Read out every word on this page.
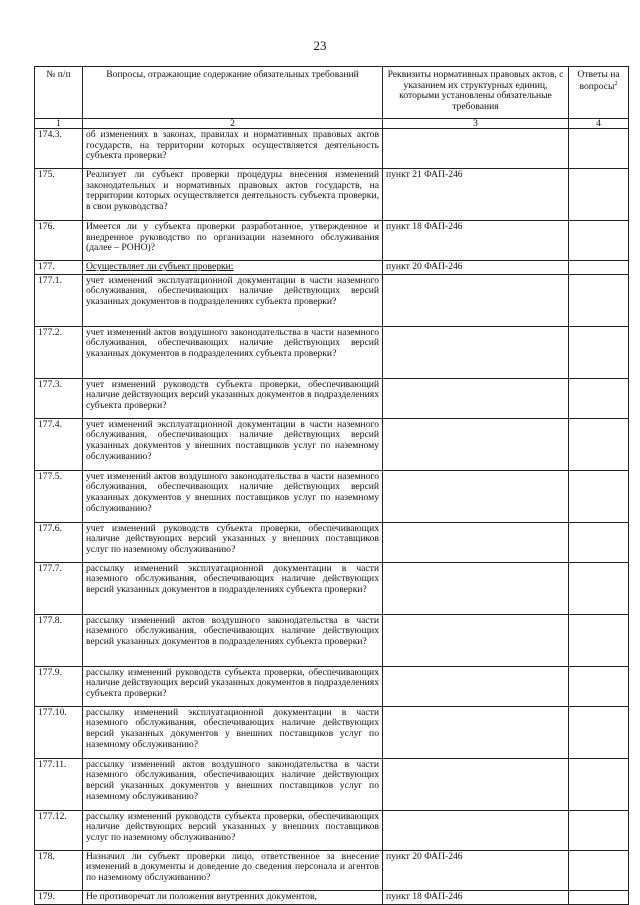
23
№ п/п	Вопросы, отражающие содержание обязательных требований	Реквизиты нормативных правовых актов, с указанием их структурных единиц, которыми установлены обязательные требования	Ответы на вопросы$^2$
1	2	3	4
174.3.	об изменениях в законах, правилах и нормативных правовых актов государств, на территории которых осуществляется деятельность субъекта проверки?		
175.	Реализует ли субъект проверки процедуры внесения изменений законодательных и нормативных правовых актов государств, на территории которых осуществляется деятельность субъекта проверки, в свои руководства?	пункт 21 ФАП-246	
176.	Имеется ли у субъекта проверки разработанное, утвержденное и внедренное руководство по организации наземного обслуживания (далее – РОНО)?	пункт 18 ФАП-246	
177.	Осуществляет ли субъект проверки:	пункт 20 ФАП-246	
177.1.	учет изменений эксплуатационной документации в части наземного обслуживания, обеспечивающих наличие действующих версий указанных документов в подразделениях субъекта проверки?		
177.2.	учет изменений актов воздушного законодательства в части наземного обслуживания, обеспечивающих наличие действующих версий указанных документов в подразделениях субъекта проверки?		
177.3.	учет изменений руководств субъекта проверки, обеспечивающий наличие действующих версий указанных документов в подразделениях субъекта проверки?		
177.4.	учет изменений эксплуатационной документации в части наземного обслуживания, обеспечивающих наличие действующих версий указанных документов у внешних поставщиков услуг по наземному обслуживанию?		
177.5.	учет изменений актов воздушного законодательства в части наземного обслуживания, обеспечивающих наличие действующих версий указанных документов у внешних поставщиков услуг по наземному обслуживанию?		
177.6.	учет изменений руководств субъекта проверки, обеспечивающих наличие действующих версий указанных у внешних поставщиков услуг по наземному обслуживанию?		
177.7.	рассылку изменений эксплуатационной документации в части наземного обслуживания, обеспечивающих наличие действующих версий указанных документов в подразделениях субъекта проверки?		
177.8.	рассылку изменений актов воздушного законодательства в части наземного обслуживания, обеспечивающих наличие действующих версий указанных документов в подразделениях субъекта проверки?		
177.9.	рассылку изменений руководств субъекта проверки, обеспечивающих наличие действующих версий указанных документов в подразделениях субъекта проверки?		
177.10.	рассылку изменений эксплуатационной документации в части наземного обслуживания, обеспечивающих наличие действующих версий указанных документов у внешних поставщиков услуг по наземному обслуживанию?		
177.11.	рассылку изменений актов воздушного законодательства в части наземного обслуживания, обеспечивающих наличие действующих версий указанных документов у внешних поставщиков услуг по наземному обслуживанию?		
177.12.	рассылку изменений руководств субъекта проверки, обеспечивающих наличие действующих версий указанных у внешних поставщиков услуг по наземному обслуживанию?		
178.	Назначил ли субъект проверки лицо, ответственное за внесение изменений в документы и доведение до сведения персонала и агентов по наземному обслуживанию?	пункт 20 ФАП-246	
179.	Не противоречат ли положения внутренних документов,	пункт 18 ФАП-246	
